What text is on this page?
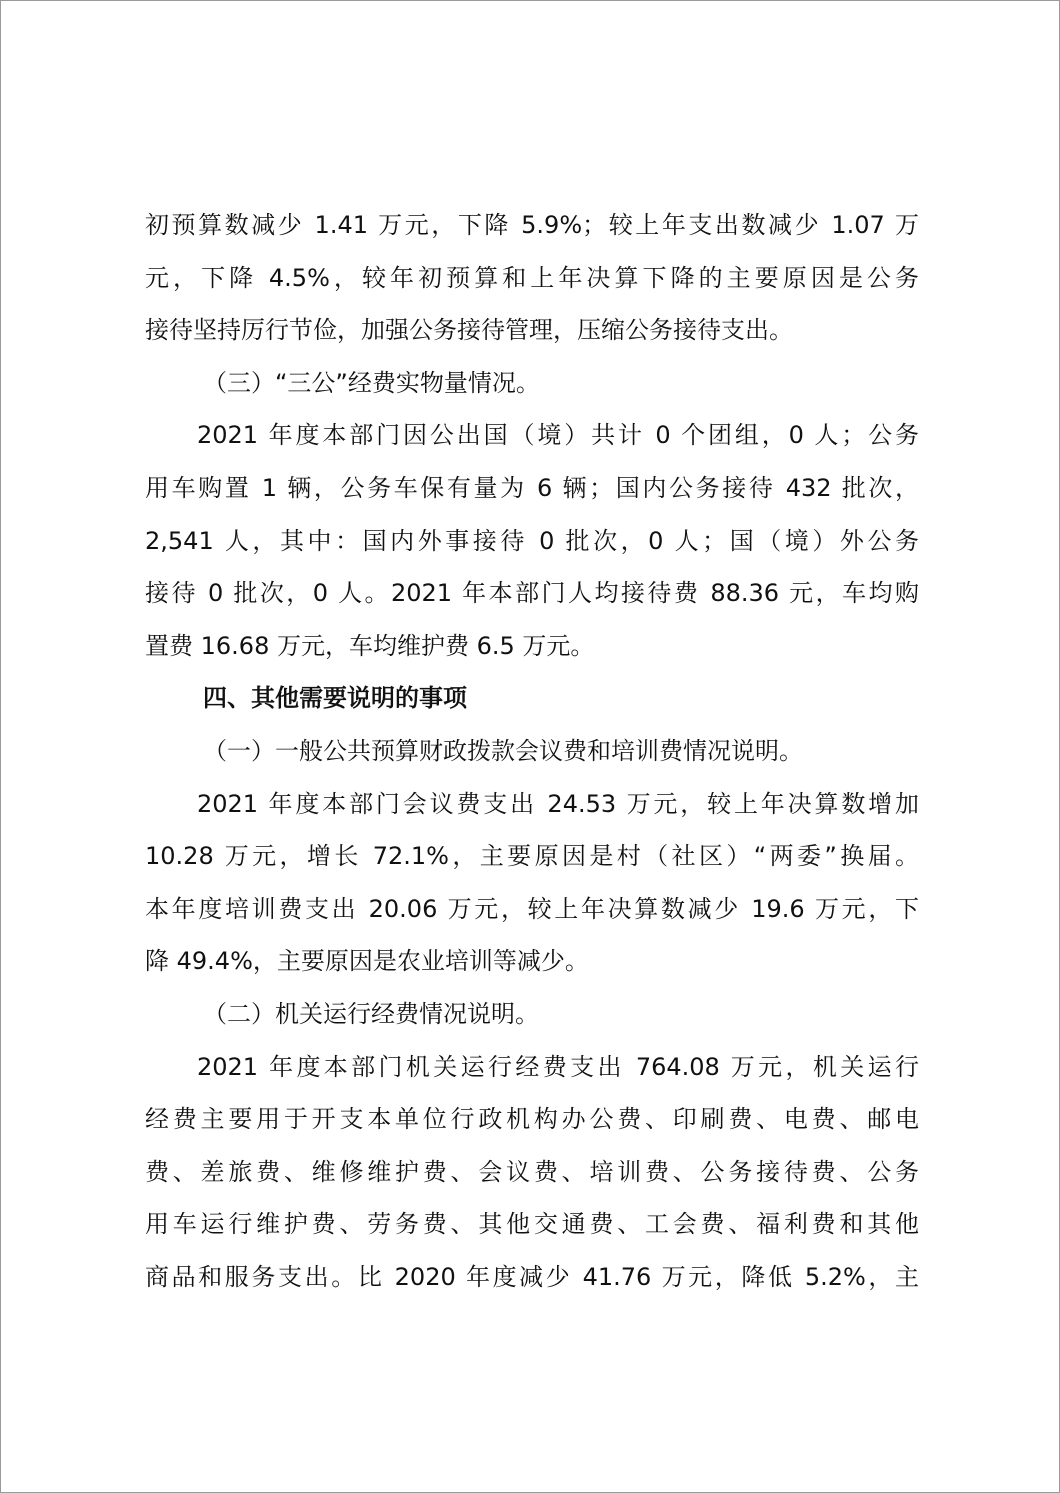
初预算数减少 1.41 万元，下降 5.9%；较上年支出数减少 1.07 万
元，下降 4.5%，较年初预算和上年决算下降的主要原因是公务
接待坚持厉行节俭，加强公务接待管理，压缩公务接待支出。
（三）“三公”经费实物量情况。
2021 年度本部门因公出国（境）共计 0 个团组，0 人；公务
用车购置 1 辆，公务车保有量为 6 辆；国内公务接待 432 批次，
2,541 人，其中：国内外事接待 0 批次，0 人；国（境）外公务
接待 0 批次，0 人。2021 年本部门人均接待费 88.36 元，车均购
置费 16.68 万元，车均维护费 6.5 万元。
四、其他需要说明的事项
（一）一般公共预算财政拨款会议费和培训费情况说明。
2021 年度本部门会议费支出 24.53 万元，较上年决算数增加
10.28 万元，增长 72.1%，主要原因是村（社区）“两委”换届。
本年度培训费支出 20.06 万元，较上年决算数减少 19.6 万元，下
降 49.4%，主要原因是农业培训等减少。
（二）机关运行经费情况说明。
2021 年度本部门机关运行经费支出 764.08 万元，机关运行
经费主要用于开支本单位行政机构办公费、印刷费、电费、邮电
费、差旅费、维修维护费、会议费、培训费、公务接待费、公务
用车运行维护费、劳务费、其他交通费、工会费、福利费和其他
商品和服务支出。比 2020 年度减少 41.76 万元，降低 5.2%，主
